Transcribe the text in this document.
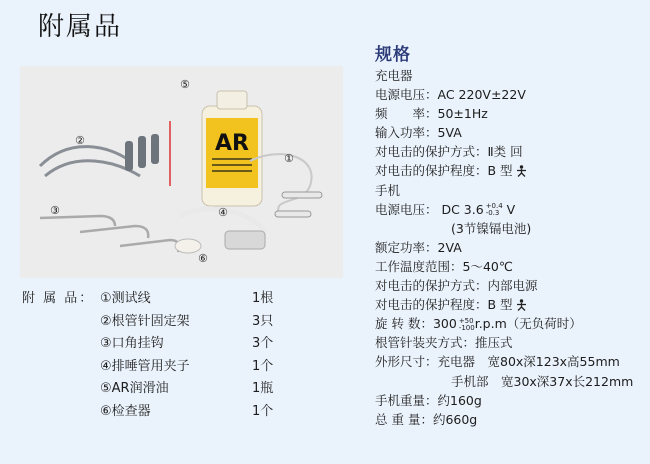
附属品
AR
②
③	④
⑤
⑥
①
附 属 品： ①测试线	1根
②根管针固定架	3只
③口角挂钩	3个
④排唾管用夹子	1个
⑤AR润滑油	1瓶
⑥检查器	1个
规格
充电器
电源电压：AC 220V±22V
频　　率：50±1Hz
输入功率：5VA
对电击的保护方式：Ⅱ类 回
对电击的保护程度：B 型
手机
电源电压： DC 3.6 +0.4
-0.3 V
(3节镍镉电池)
额定功率：2VA
工作温度范围：5～40℃
对电击的保护方式：内部电源
对电击的保护程度：B 型
旋 转 数：300 +50
-100r.p.m（无负荷时）
根管针装夹方式：推压式
外形尺寸：充电器　宽80x深123x高55mm
手机部　宽30x深37x长212mm
手机重量：约160g
总 重 量：约660g
